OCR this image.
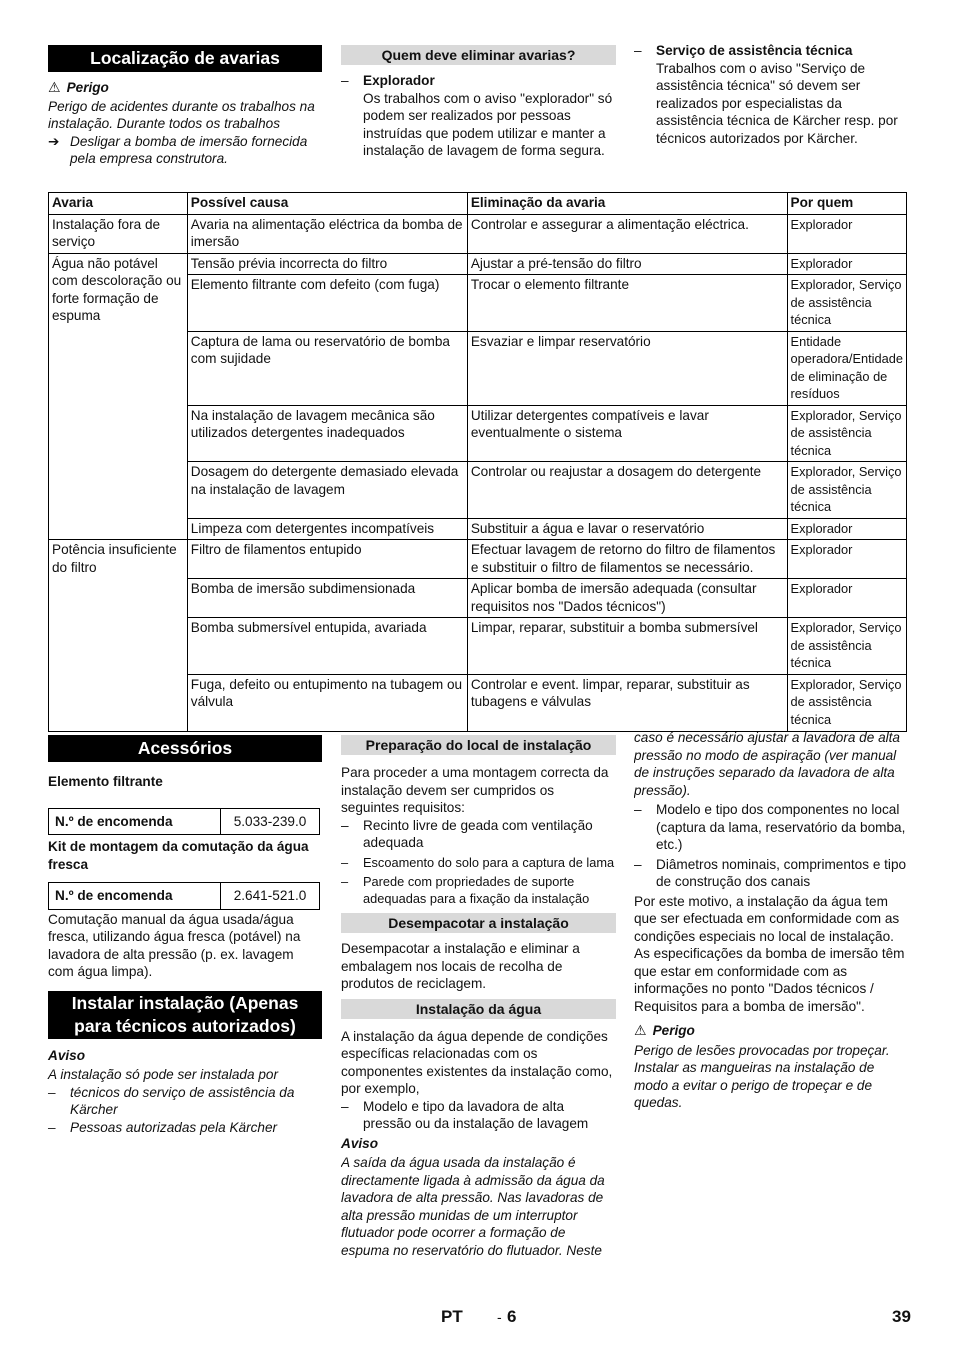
Localização de avarias

⚠ Perigo

Perigo de acidentes durante os trabalhos na instalação. Durante todos os trabalhos

➔ Desligar a bomba de imersão fornecida pela empresa construtora.

Quem deve eliminar avarias?

– Explorador

Os trabalhos com o aviso "explorador" só podem ser realizados por pessoas instruídas que podem utilizar e manter a instalação de lavagem de forma segura.

– Serviço de assistência técnica

Trabalhos com o aviso "Serviço de assistência técnica" só devem ser realizados por especialistas da assistência técnica de Kärcher resp. por técnicos autorizados por Kärcher.

Avaria	Possível causa	Eliminação da avaria	Por quem
Instalação fora de serviço	Avaria na alimentação eléctrica da bomba de imersão	Controlar e assegurar a alimentação eléctrica.	Explorador
Água não potável com descoloração ou forte formação de espuma	Tensão prévia incorrecta do filtro	Ajustar a pré-tensão do filtro	Explorador
	Elemento filtrante com defeito (com fuga)	Trocar o elemento filtrante	Explorador, Serviço de assistência técnica
	Captura de lama ou reservatório de bomba com sujidade	Esvaziar e limpar reservatório	Entidade operadora/Entidade de eliminação de resíduos
	Na instalação de lavagem mecânica são utilizados detergentes inadequados	Utilizar detergentes compatíveis e lavar eventualmente o sistema	Explorador, Serviço de assistência técnica
	Dosagem do detergente demasiado elevada na instalação de lavagem	Controlar ou reajustar a dosagem do detergente	Explorador, Serviço de assistência técnica
	Limpeza com detergentes incompatíveis	Substituir a água e lavar o reservatório	Explorador
Potência insuficiente do filtro	Filtro de filamentos entupido	Efectuar lavagem de retorno do filtro de filamentos e substituir o filtro de filamentos se necessário.	Explorador
	Bomba de imersão subdimensionada	Aplicar bomba de imersão adequada (consultar requisitos nos "Dados técnicos")	Explorador
	Bomba submersível entupida, avariada	Limpar, reparar, substituir a bomba submersível	Explorador, Serviço de assistência técnica
	Fuga, defeito ou entupimento na tubagem ou válvula	Controlar e event. limpar, reparar, substituir as tubagens e válvulas	Explorador, Serviço de assistência técnica
Acessórios

Elemento filtrante

N.º de encomenda	5.033-239.0

Kit de montagem da comutação da água fresca

N.º de encomenda	2.641-521.0

Comutação manual da água usada/água fresca, utilizando água fresca (potável) na lavadora de alta pressão (p. ex. lavagem com água limpa).

Instalar instalação (Apenas para técnicos autorizados)

Aviso

A instalação só pode ser instalada por

– técnicos do serviço de assistência da Kärcher

– Pessoas autorizadas pela Kärcher

Preparação do local de instalação

Para proceder a uma montagem correcta da instalação devem ser cumpridos os seguintes requisitos:

– Recinto livre de geada com ventilação adequada

– Escoamento do solo para a captura de lama

– Parede com propriedades de suporte adequadas para a fixação da instalação

Desempacotar a instalação

Desempacotar a instalação e eliminar a embalagem nos locais de recolha de produtos de reciclagem.

Instalação da água

A instalação da água depende de condições específicas relacionadas com os componentes existentes da instalação como, por exemplo,

– Modelo e tipo da lavadora de alta pressão ou da instalação de lavagem

Aviso

A saída da água usada da instalação é directamente ligada à admissão da água da lavadora de alta pressão. Nas lavadoras de alta pressão munidas de um interruptor flutuador pode ocorrer a formação de espuma no reservatório do flutuador. Neste

caso é necessário ajustar a lavadora de alta pressão no modo de aspiração (ver manual de instruções separado da lavadora de alta pressão).

– Modelo e tipo dos componentes no local (captura da lama, reservatório da bomba, etc.)

– Diâmetros nominais, comprimentos e tipo de construção dos canais

Por este motivo, a instalação da água tem que ser efectuada em conformidade com as condições especiais no local de instalação.

As especificações da bomba de imersão têm que estar em conformidade com as informações no ponto "Dados técnicos / Requisitos para a bomba de imersão".

⚠ Perigo

Perigo de lesões provocadas por tropeçar. Instalar as mangueiras na instalação de modo a evitar o perigo de tropeçar e de quedas.

PT - 6	39
